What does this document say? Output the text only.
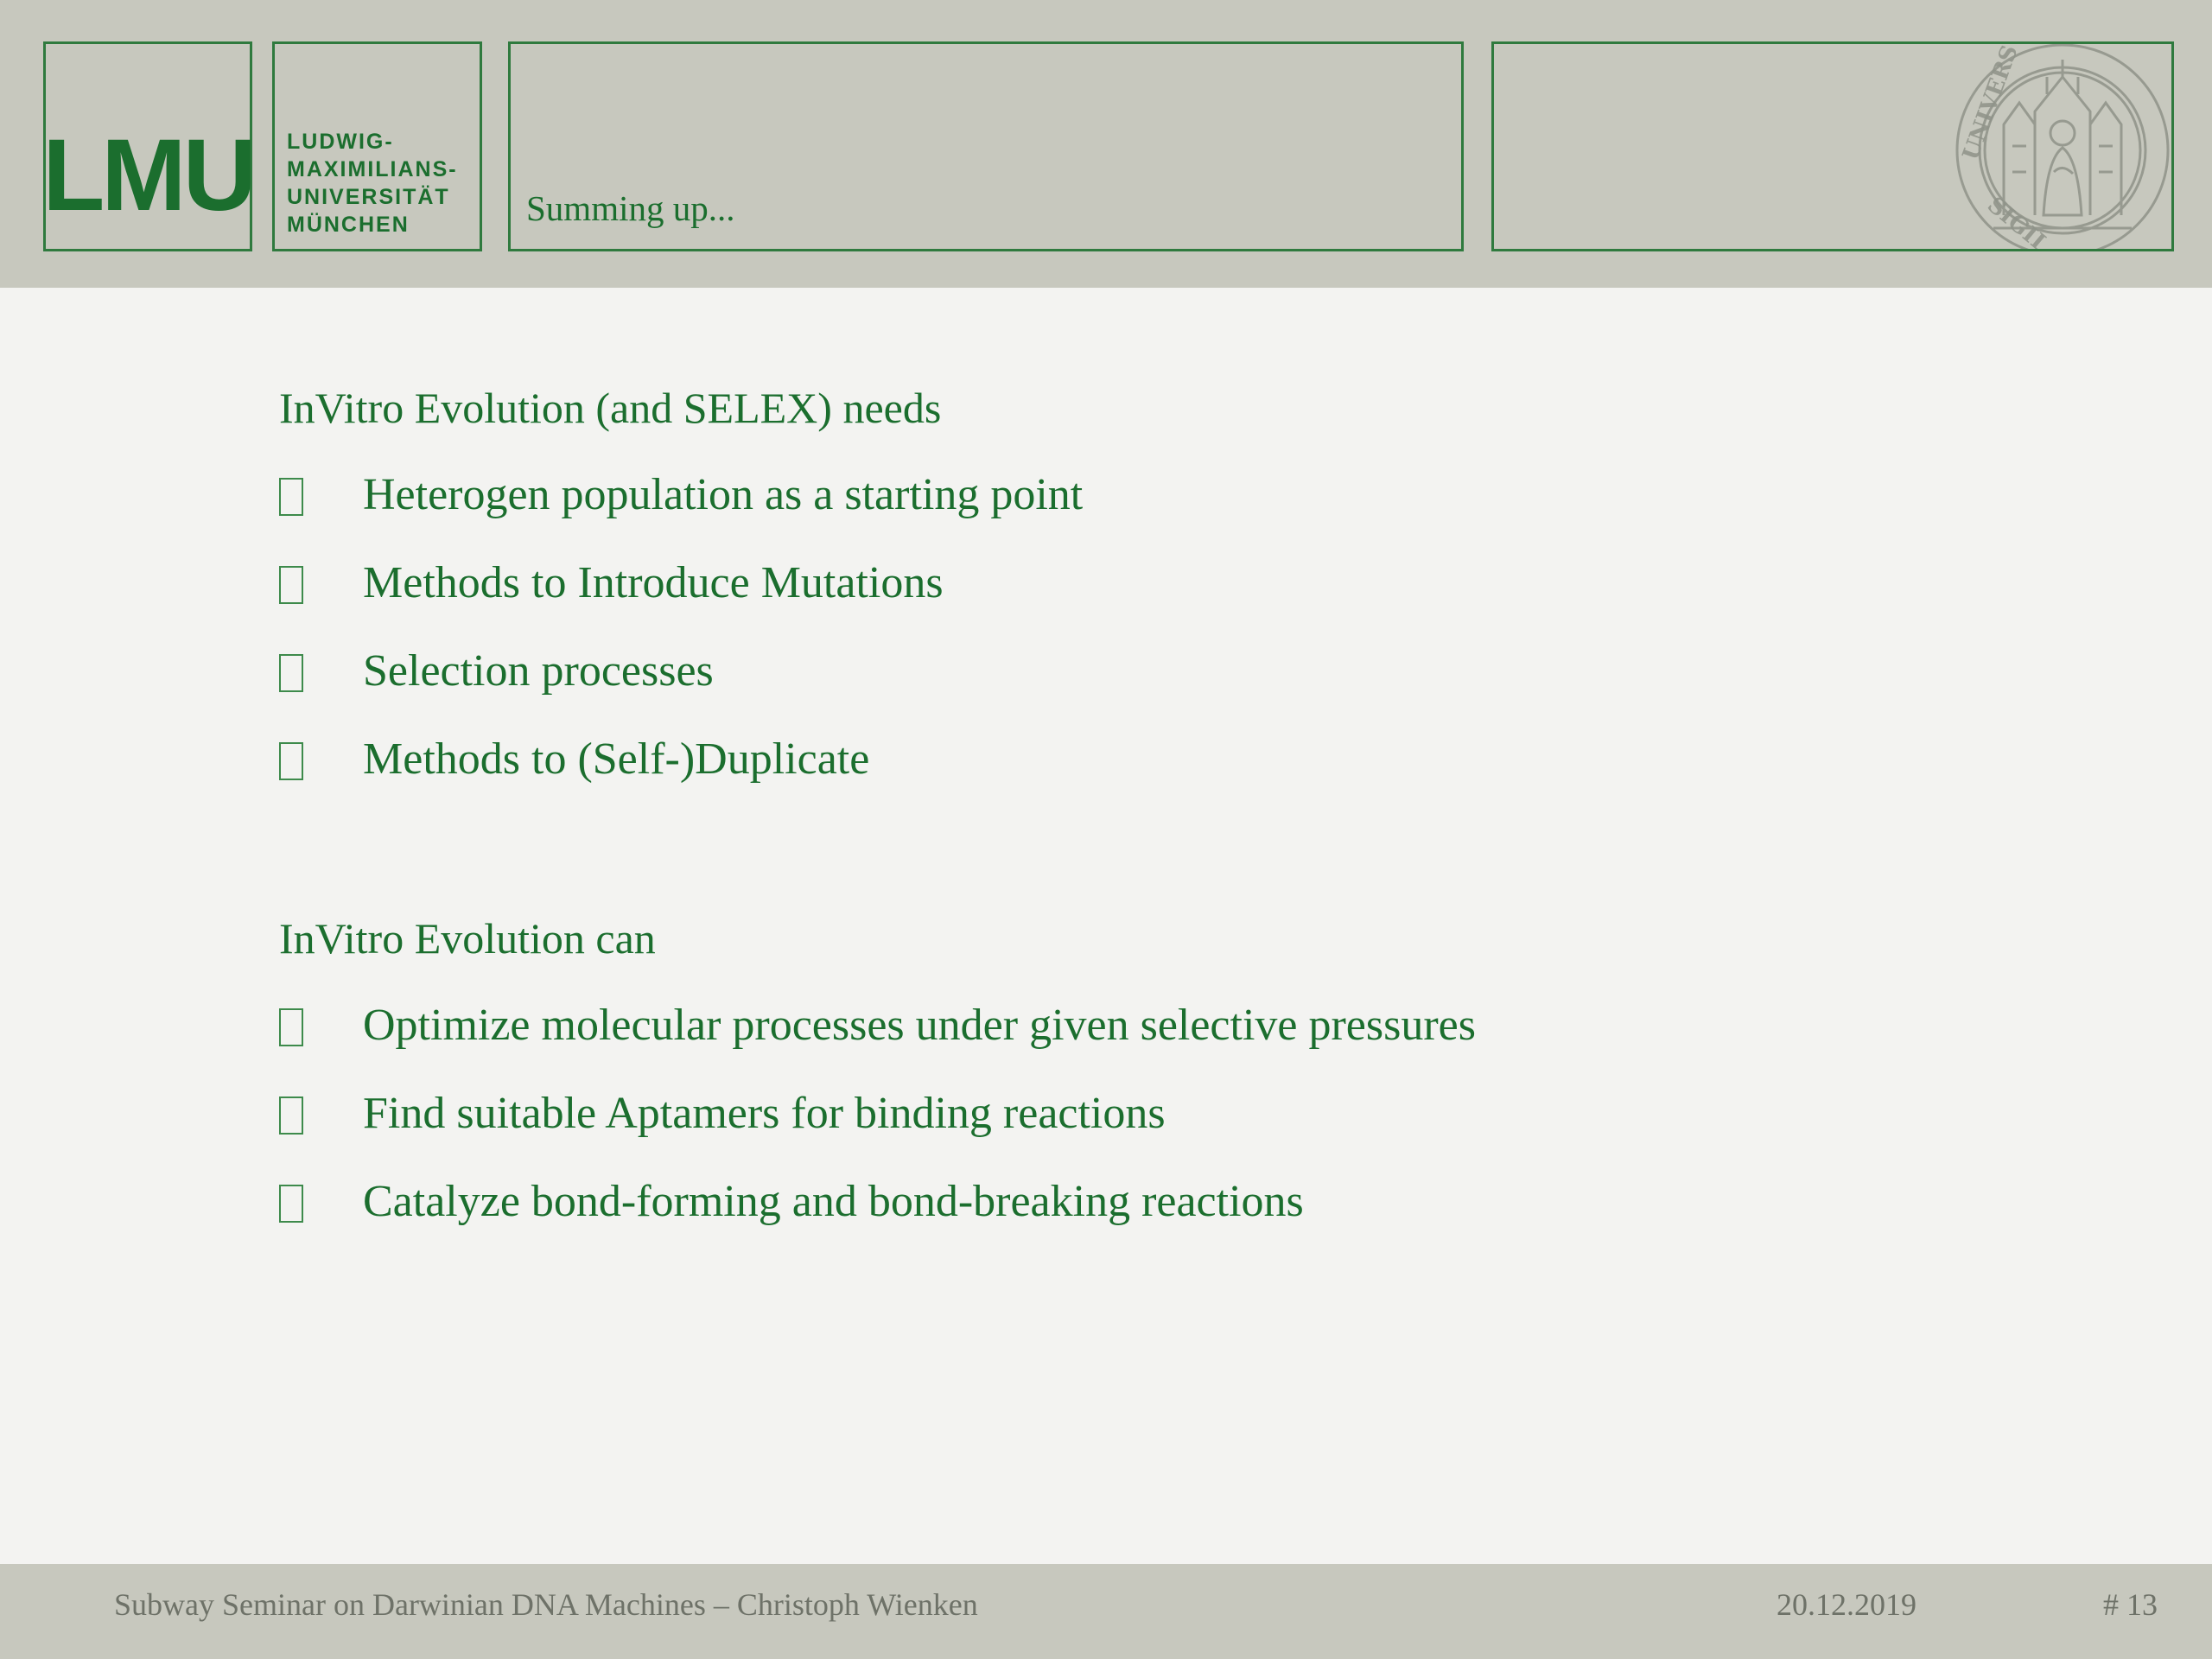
LMU LUDWIG-
MAXIMILIANS-
UNIVERSITÄT
MÜNCHEN	Summing up...
UNIVERS
SIGIL
InVitro Evolution (and SELEX) needs
Heterogen population as a starting point
Methods to Introduce Mutations
Selection processes
Methods to (Self-)Duplicate
InVitro Evolution can
Optimize molecular processes under given selective pressures
Find suitable Aptamers for binding reactions
Catalyze bond-forming and bond-breaking reactions
Subway Seminar on Darwinian DNA Machines – Christoph Wienken	20.12.2019	# 13
